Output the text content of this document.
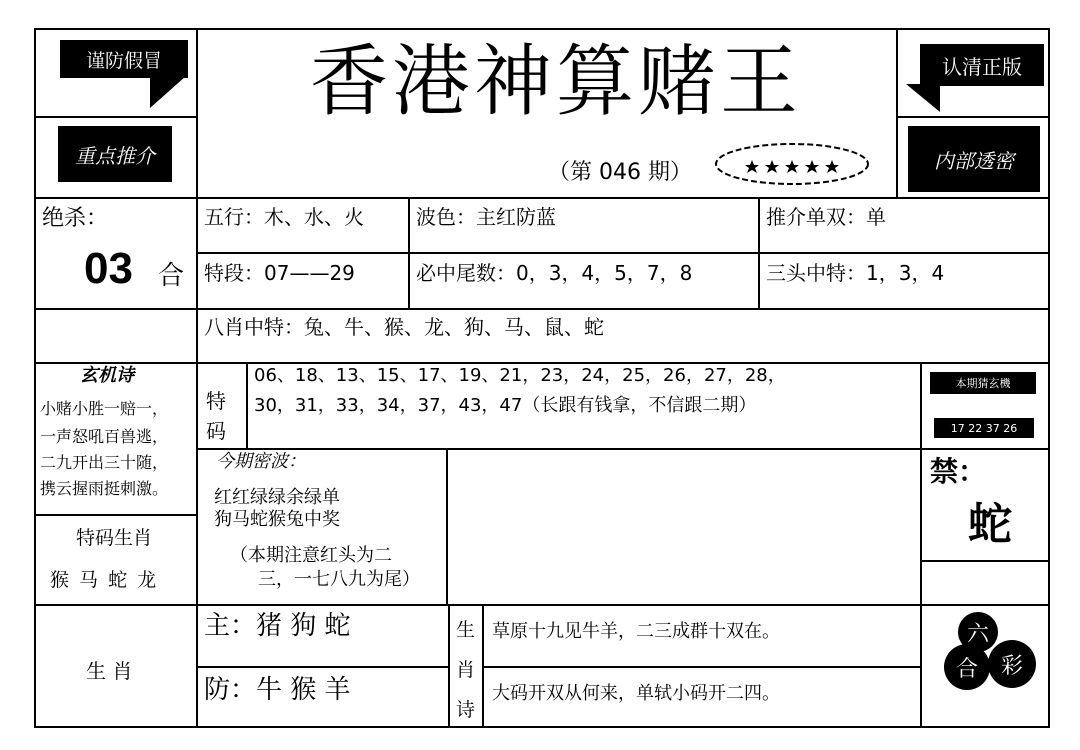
谨防假冒
重点推介
香港神算赌王
（第 046 期）
认清正版
内部透密
绝杀：
03 合
五行：木、水、火	波色：主红防蓝	推介单双：单
特段：07——29	必中尾数：0，3，4，5，7，8	三头中特：1，3，4
八肖中特：兔、牛、猴、龙、狗、马、鼠、蛇
玄机诗
小赌小胜一赔一，
一声怒吼百兽逃，
二九开出三十随，
携云握雨挺刺激。
特
码
06、18、13、15、17、19、21，23，24，25，26，27，28，
30，31，33，34，37，43，47（长跟有钱拿，不信跟二期）
本期猜玄機
17 22 37 26
今期密波：
红红绿绿余绿单
狗马蛇猴兔中奖
（本期注意红头为二
三，一七八九为尾）
特码生肖
猴 马 蛇 龙
禁：
蛇
生 肖
主：猪 狗 蛇
防：牛 猴 羊
生
肖
诗
草原十九见牛羊，二三成群十双在。
大码开双从何来，单轼小码开二四。
六
合	彩
